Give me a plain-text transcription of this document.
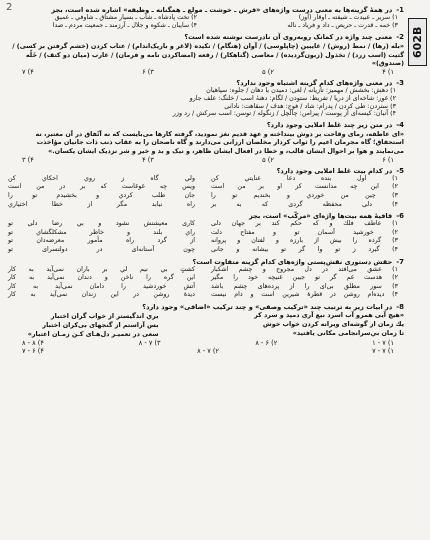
2
602B
1-
در همهٔ گزینه‌ها به معنی درست واژه‌های «فرش ـ خوشت ـ مولع ـ همگنانه ـ وظیفه» اشاره شده است، بجز
۱) سرير ـ عبيدت ـ شيفته ـ اوقار (آوز)
۲) تخت پادشاه ـ شاب ـ بسيار مشتاق ـ شاوفي ـ عميق
۳) خمه ـ قدرت ـ حريص ـ داد و فرياد ـ ناله
۴) سايبان ـ شكوه و جلال ـ آرزمند ـ جمعيت مردم ـ صدا
2-
معنی چند واژه در کمانک روبه‌روی آن نادرست نوشته شده است؟
«بله (رها) / نمط (روش) / غايبين (چاپلوسی) / آوان (هنگام) / تكيده (لاغر و باريک‌اندام) / عتاب كردن (خشم گرفتن بر كسی) / گتيت (اسب زرد) / تخذول (زبون‌گرديده) / معاصی (گناهكار) / رقعه (امضاكردن نامه و فرمان) / غارب (ميان دو كتف) / خَلّه (صندوق)»
۱) ۴
۲) ۵
۳) ۶
۴) ۷
3-
در معنی واژه‌های کدام گزینه اشتباه وجود ندارد؟
۱) دهش: بخشش / مهمیز: تازیانه / لغی: دمیدن یا دهان / جلوه: سپاهیان
۲) غور: شاخه‌ای از دریا / تفریط: ستودن / لگام: دهنهٔ اسب / خلنگ: علف جارو
۳) ستردن: طی کردن / پدرام: شاد / فوج: هدف / سقاهت: نادانی
۴) آنبان: کیسه‌ای از پوست / پیرامن: چالچل / زنگوله / توسن: اسب سرکش / رد وزر
4-
در متن زیر چند غلط املایی وجود دارد؟
«ای عاطفه، رمای وقاحت بر دوش بینداخته و عهد قدیم نغز نمودید، گرفته کارها می‌بایست که نه آتّفاق در آن معتبر، نه استحقاق؛ گاه مجرمان اعیم را ثواب کردار مخلصان ارزانی می‌دارند و گاه ناصحان را به عقاب ذنب ذات جانیان مؤاخذت می‌نمایند و هوا بر احوال ایشان قالب، و خطا در افعال ایشان ظاهر، و نیک و بد و خیر و شر نزدیک ایشان یکسان.»
۱) ۶
۲) ۵
۳) ۴
۴) ۳
5-
در کدام بیت غلط املایی وجود دارد؟
۱) اول بنده دعا عنايتي کن
ولي گاه ز روي احكاي کن
۲) اين چه مدانست کز او بر من است
ويس چه غوغاست كه بر در من است
۳) چين من خوردي و بخنديم تو را
جان طلب كردي و بخشيدم تو را
۴) دلی محفظه گردی که به بر
راه نيابد مگر از خطا اختياري
6-
قافيهٔ همه بيت‌ها واژه‌ای «مرکّب» است، بجز
۱) عاطف فلك و كه حكم كند بر جهان دلی
كاری معيشتش نشود و بي رضا دلی تو
۲) خورشيد آسمان تو و مفتاح دلت
راي بلند و خاطر مشكلگشاي تو
۳) گرده را بیش از بارزه و لفتان و پروانه
از گرد راه مأمور معرضه‌دان تو
۴) گيرد ز تو وا گر تو بيشانه و جانی
چون آستانه‌ای در دولتسرای تو
7-
حقش دستوری نقش‌پستی واژه‌های کدام گزینه متفاوت است؟
۱) عشق می‌افتد در دل مجروح و چشم اشکبار
كشتٍ بي نيم لي بر باران نمی‌آيد به كار
۲) هدست غم گر تو جیبن غنیچه خود را مگیر
اين گره را ناخن و دندان نمی‌آيد به كار
۳) سور مطلق بی‌ای را از پرده‌های چشم باشد
آتش خوردشید را دامان نمی‌آید به کار
۴) دیده‌ام روشن در قطرهٔ شیرین است و دام نیست
دیدهٔ روشن در این زندان نمی‌آید به کار
8-
در ابیات زیر به ترتیب چند «ترکیب وصفی» و چند ترکیب «اضافی» وجود دارد؟
«هیچ آیی همرو آب اسرد نیع آری دمید و سرد كر
يك زمان از گوشه‌ای ويرانه كردن خواب خوش
تا زمان بي‌سرانجامی مكانی يافتيد»
بري اندگيستر از خواب گران اختبار
بس آراستم از گنجهاى بى‌كران اختبار
سعى در تعميـر دل‌هـاى كـن زمـان اعتبار»
۱) ۷ - ۱
۲) ۶ - ۸
۳) ۷ - ۸
۴) ۸ - ۸
۱) ۷ - ۷
۲) ۷ - ۸
۴) ۶ - ۷
